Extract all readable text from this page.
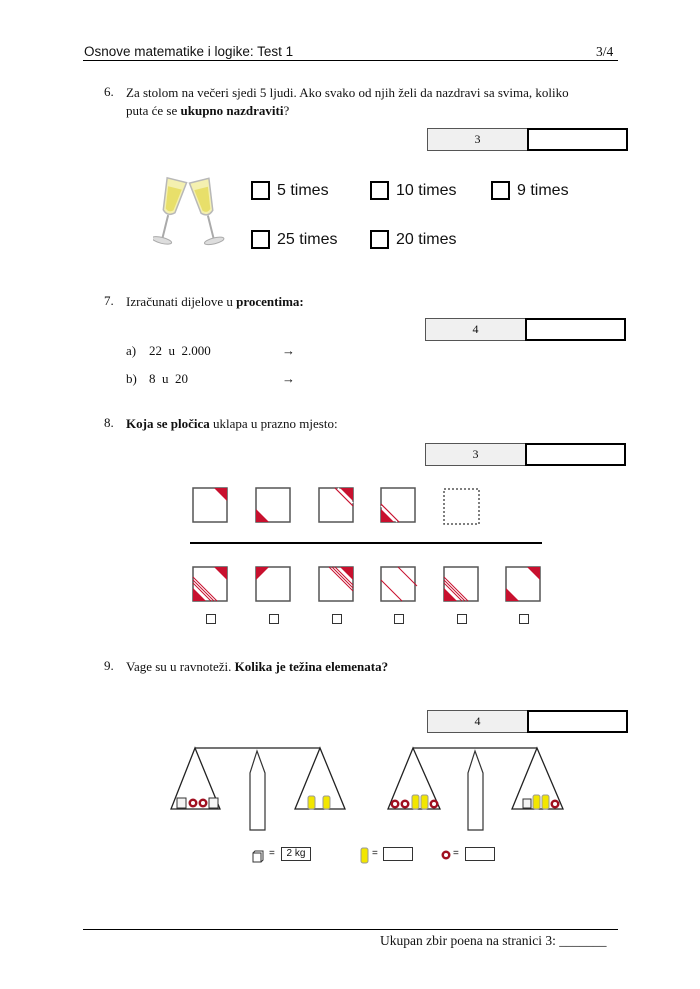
Osnove matematike i logike: Test 1	3/4
6. Za stolom na večeri sjedi 5 ljudi. Ako svako od njih želi da nazdravi sa svima, koliko
puta će se ukupno nazdraviti?
3
5 times	10 times	9 times
25 times	20 times
7. Izračunati dijelove u procentima:
4
a) 22  u  2.000	→
b) 8  u  20	→
8. Koja se pločica uklapa u prazno mjesto:
3
9. Vage su u ravnoteži. Kolika je težina elemenata?
4
=	2 kg	=	=
Ukupan zbir poena na stranici 3: _______
